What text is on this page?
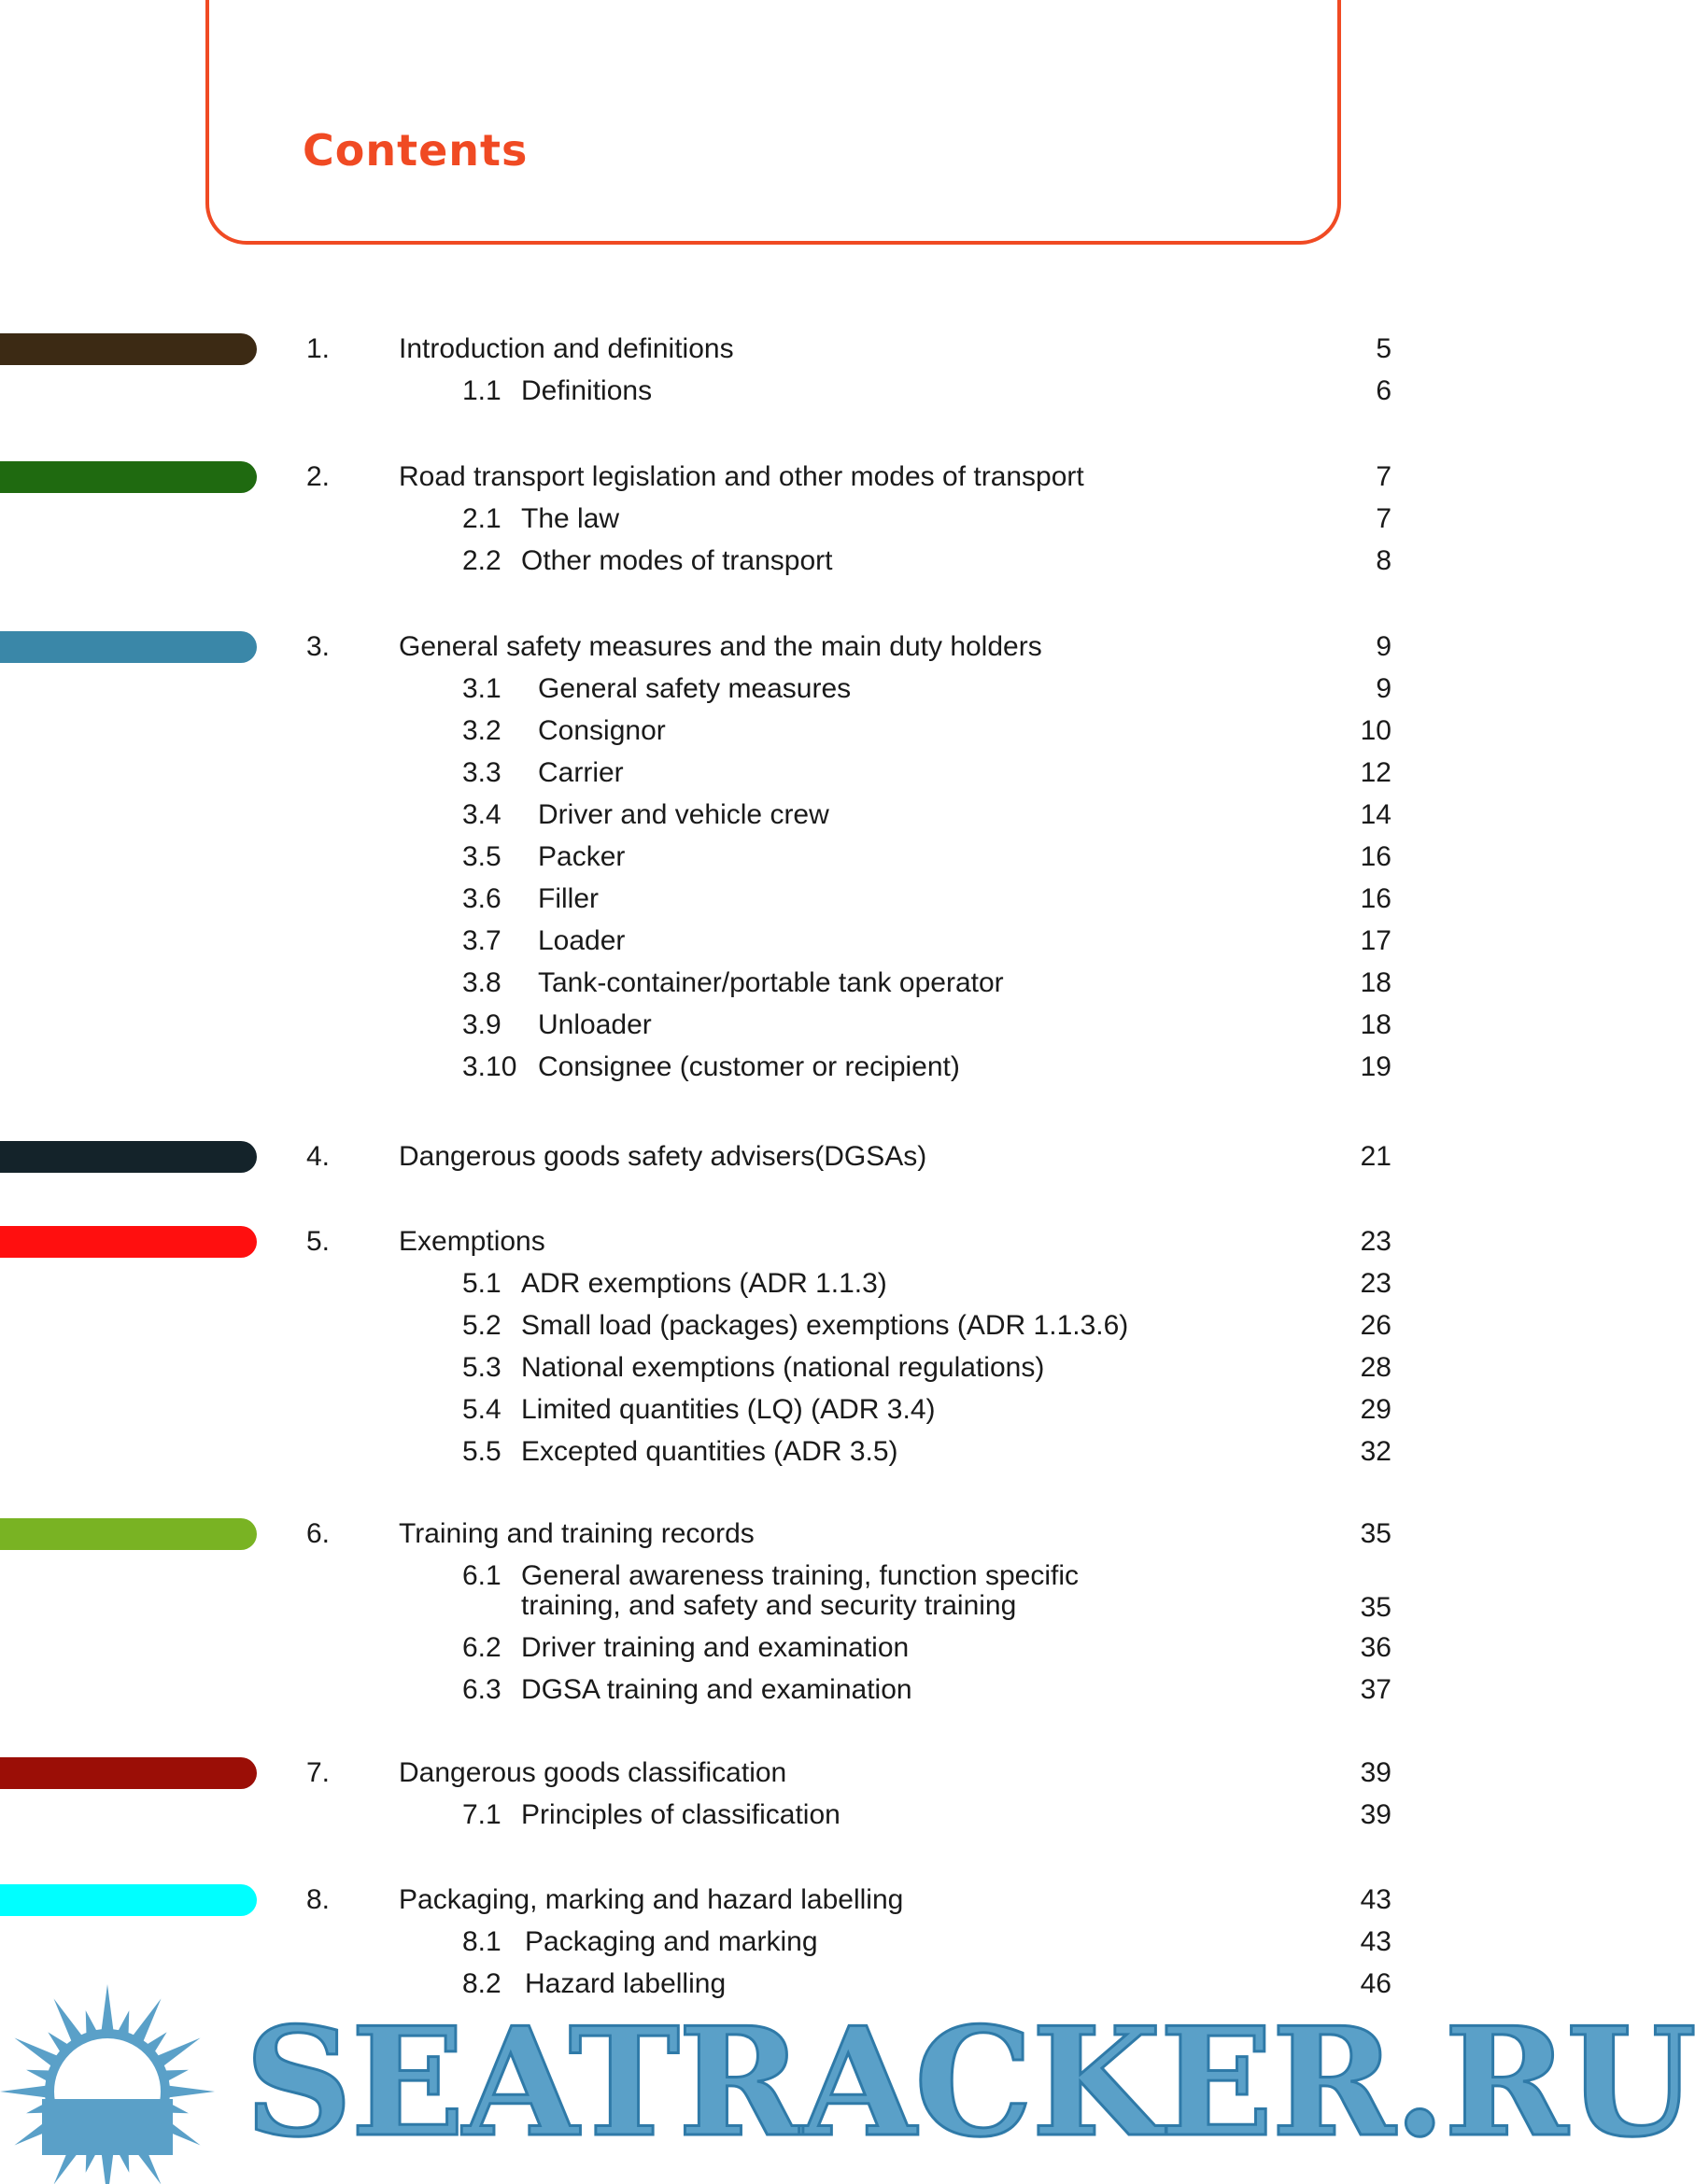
Contents
1. Introduction and definitions	5
1.1 Definitions	6
2. Road transport legislation and other modes of transport	7
2.1 The law	7
2.2 Other modes of transport	8
3. General safety measures and the main duty holders	9
3.1 General safety measures	9
3.2 Consignor	10
3.3 Carrier	12
3.4 Driver and vehicle crew	14
3.5 Packer	16
3.6 Filler	16
3.7 Loader	17
3.8 Tank-container/portable tank operator	18
3.9 Unloader	18
3.10 Consignee (customer or recipient)	19
4. Dangerous goods safety advisers(DGSAs)	21
5. Exemptions	23
5.1 ADR exemptions (ADR 1.1.3)	23
5.2 Small load (packages) exemptions (ADR 1.1.3.6)	26
5.3 National exemptions (national regulations)	28
5.4 Limited quantities (LQ) (ADR 3.4)	29
5.5 Excepted quantities (ADR 3.5)	32
6. Training and training records	35
6.1 General awareness training, function specific
training, and safety and security training	35
6.2 Driver training and examination	36
6.3 DGSA training and examination	37
7. Dangerous goods classification	39
7.1 Principles of classification	39
8. Packaging, marking and hazard labelling	43
8.1 Packaging and marking	43
8.2 Hazard labelling	46
SEATRACKER.RU
